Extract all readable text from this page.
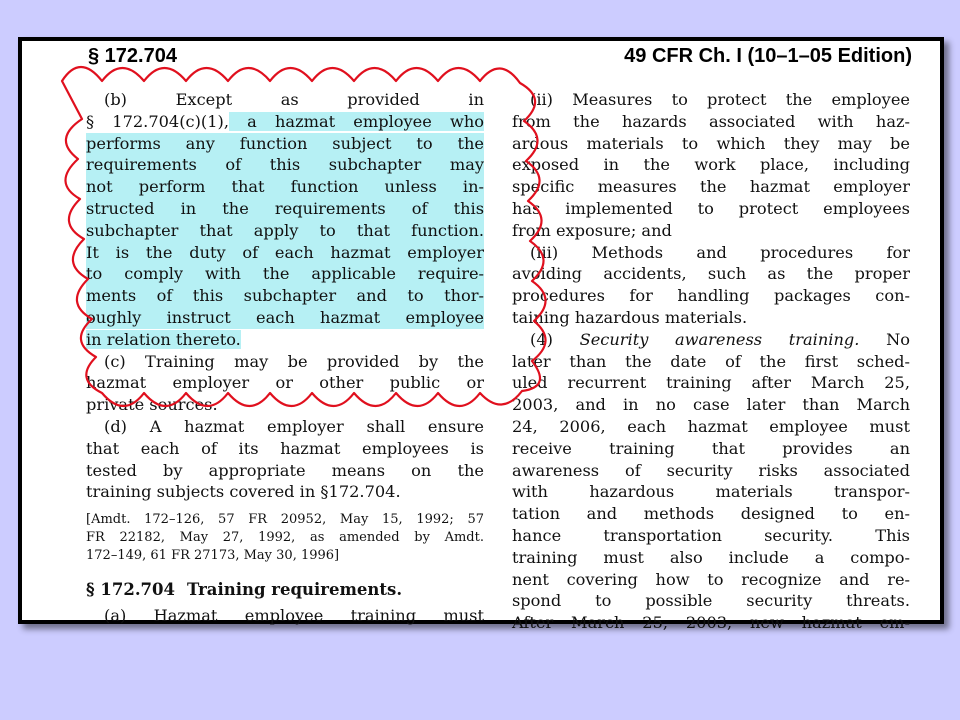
§ 172.704	49 CFR Ch. I (10–1–05 Edition)
(b) Except as provided in
§ 172.704(c)(1), a hazmat employee who
performs any function subject to the
requirements of this subchapter may
not perform that function unless in-
structed in the requirements of this
subchapter that apply to that function.
It is the duty of each hazmat employer
to comply with the applicable require-
ments of this subchapter and to thor-
oughly instruct each hazmat employee
in relation thereto.
(c) Training may be provided by the
hazmat employer or other public or
private sources.
(d) A hazmat employer shall ensure
that each of its hazmat employees is
tested by appropriate means on the
training subjects covered in §172.704.
[Amdt. 172–126, 57 FR 20952, May 15, 1992; 57
FR 22182, May 27, 1992, as amended by Amdt.
172–149, 61 FR 27173, May 30, 1996]
§ 172.704 Training requirements.
(a) Hazmat employee training must
(ii) Measures to protect the employee
from the hazards associated with haz-
ardous materials to which they may be
exposed in the work place, including
specific measures the hazmat employer
has implemented to protect employees
from exposure; and
(iii) Methods and procedures for
avoiding accidents, such as the proper
procedures for handling packages con-
taining hazardous materials.
(4) Security awareness training. No
later than the date of the first sched-
uled recurrent training after March 25,
2003, and in no case later than March
24, 2006, each hazmat employee must
receive training that provides an
awareness of security risks associated
with hazardous materials transpor-
tation and methods designed to en-
hance transportation security. This
training must also include a compo-
nent covering how to recognize and re-
spond to possible security threats.
After March 25, 2003, new hazmat em-
